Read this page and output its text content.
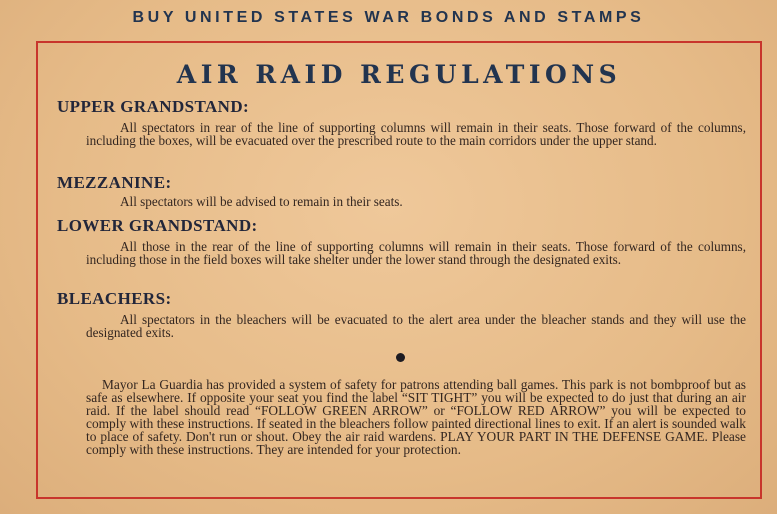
BUY UNITED STATES WAR BONDS AND STAMPS
AIR RAID REGULATIONS
UPPER GRANDSTAND:
All spectators in rear of the line of supporting columns will remain in their seats. Those forward of the columns, including the boxes, will be evacuated over the prescribed route to the main corridors under the upper stand.
MEZZANINE:
All spectators will be advised to remain in their seats.
LOWER GRANDSTAND:
All those in the rear of the line of supporting columns will remain in their seats. Those forward of the columns, including those in the field boxes will take shelter under the lower stand through the designated exits.
BLEACHERS:
All spectators in the bleachers will be evacuated to the alert area under the bleacher stands and they will use the designated exits.
Mayor La Guardia has provided a system of safety for patrons attending ball games. This park is not bombproof but as safe as elsewhere. If opposite your seat you find the label “SIT TIGHT” you will be expected to do just that during an air raid. If the label should read “FOLLOW GREEN ARROW” or “FOLLOW RED ARROW” you will be expected to comply with these instructions. If seated in the bleachers follow painted directional lines to exit. If an alert is sounded walk to place of safety. Don't run or shout. Obey the air raid wardens. PLAY YOUR PART IN THE DEFENSE GAME. Please comply with these instructions. They are intended for your protection.
